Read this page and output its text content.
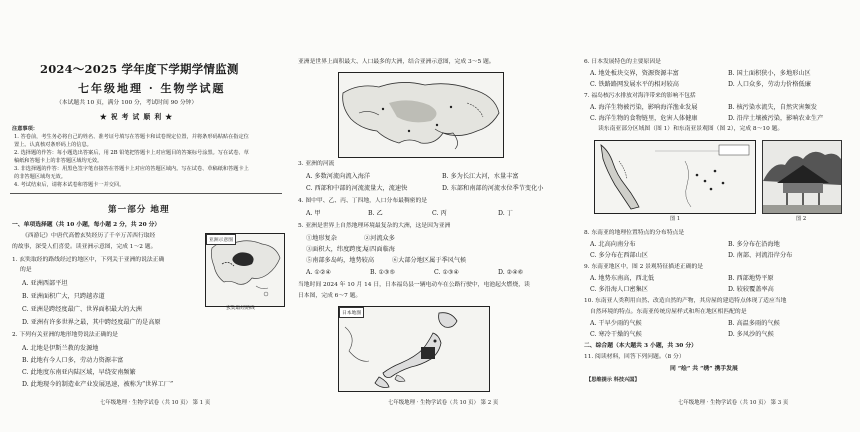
2024～2025 学年度下学期学情监测
七年级地理 · 生物学试题
（本试题共 10 页，满分 100 分，考试时间 90 分钟）
★ 祝 考 试 顺 利 ★
注意事项：
1. 答卷前，考生务必将自己的姓名、准考证号填写在答题卡和试卷规定位置，并将条形码粘贴在指定位
置上。认真核对条形码上的信息。
2. 选择题的作答：每小题选出答案后，用 2B 铅笔把答题卡上对应题目的答案标号涂黑。写在试卷、草
稿纸和答题卡上的非答题区域均无效。
3. 非选择题的作答：用黑色签字笔直接答在答题卡上对应的答题区域内。写在试卷、草稿纸和答题卡上
的非答题区域均无效。
4. 考试结束后，请将本试卷和答题卡一并交回。
第一部分 地理
一、单项选择题（共 10 小题，每小题 2 分，共 20 分）
《西游记》中唐代高僧玄奘经历了千辛万苦西行取经
的故事，深受人们喜爱。读亚洲示意图，完成 1～2 题。
亚洲示意图
玄奘取经路线
1. 玄奘取经的路线经过的地区中，下列关于亚洲的说法正确
的是
A. 亚洲西部平坦
B. 亚洲面积广大，只跨越赤道
C. 亚洲是跨经度最广、世界面积最大的大洲
D. 亚洲有许多世界之最，其中跨经度最广的是高原
2. 下列有关亚洲的地形地势说法正确的是
A. 北地是伊斯兰教的发源地
B. 此地有今人口多，劳动力资源丰富
C. 此地度东南亚内陆区域，早绕安南频繁
D. 此地现今的制造业产业发展迅速，被称为“世界工厂”
七年级地理 · 生物学试卷（共 10 页） 第 1 页
亚洲是世界上面积最大、人口最多的大洲，结合亚洲示意图，完成 3～5 题。
3. 亚洲的河流
A. 多数河流向流入海洋	B. 多为长江大河，水量丰富
C. 西部和中部的河流流量大，流速快	D. 东部和南部的河流水位季节变化小
4. 图中甲、乙、丙、丁四地，人口分布最稠密的是
A. 甲	B. 乙	C. 丙	D. 丁
5. 亚洲是世界上自然地理环境最复杂的大洲，这是因为亚洲
①地形复杂	②河流众多
③面积大，纬度跨度大
④四面临海
⑤南部多岛屿，地势较高	⑥大部分地区属于季风气候
A. ①②④	B. ①③⑤	C. ①③④	D. ②④⑥
当地时间 2024 年 10 月 14 日，日本福岛县一辆电动车在公路行驶中，电池起火燃烧，读
日本图，完成 6～7 题。
日本地图
七年级地理 · 生物学试卷（共 10 页） 第 2 页
6. 日本发展特色的主要原因是
A. 地处板块交界，资源资源丰富	B. 国土面积狭小，多地形山区
C. 铁路路网发展水平的相对较高	D. 人口众多，劳动力价格低廉
7. 福岛核污水排放对海洋带来的影响不包括
A. 海洋生物被污染，影响海洋渔业发展	B. 核污染水流失，自然灾害频发
C. 海洋生物的食物链里，危害人体健康	D. 沿岸土壤被污染，影响农业生产
读东南亚部分区域图（图 1）和东南亚景观图（图 2），完成 8～10 题。
图 1	图 2
8. 东南亚的地理位置特点的分布特点是
A. 北高向南分布	B. 多分布在沿海地
C. 多分布在西部山区	D. 南部、河流沿岸分布
9. 东南亚地区中，图 2 景观特征描述正确的是
A. 地势东南高，西北低	B. 西部地势平原
C. 多沿海人口密集区	D. 较较覆盖率高
10. 东南亚人类利用自然、改造自然的产物，其房屋的建造特点体现了适应当地
自然环境的特点。东南亚传统房屋样式和所在地区相匹配的是
A. 干早少雨的气候	B. 高温多雨的气候
C. 寒冷干燥的气候	D. 多风沙的气候
二、综合题（本大题共 3 小题，共 30 分）
11. 阅读材料，回答下列问题。（8 分）
同 “绘” 共 “绣” 携手发展
【思维提示 科技兴国】
七年级地理 · 生物学试卷（共 10 页） 第 3 页
